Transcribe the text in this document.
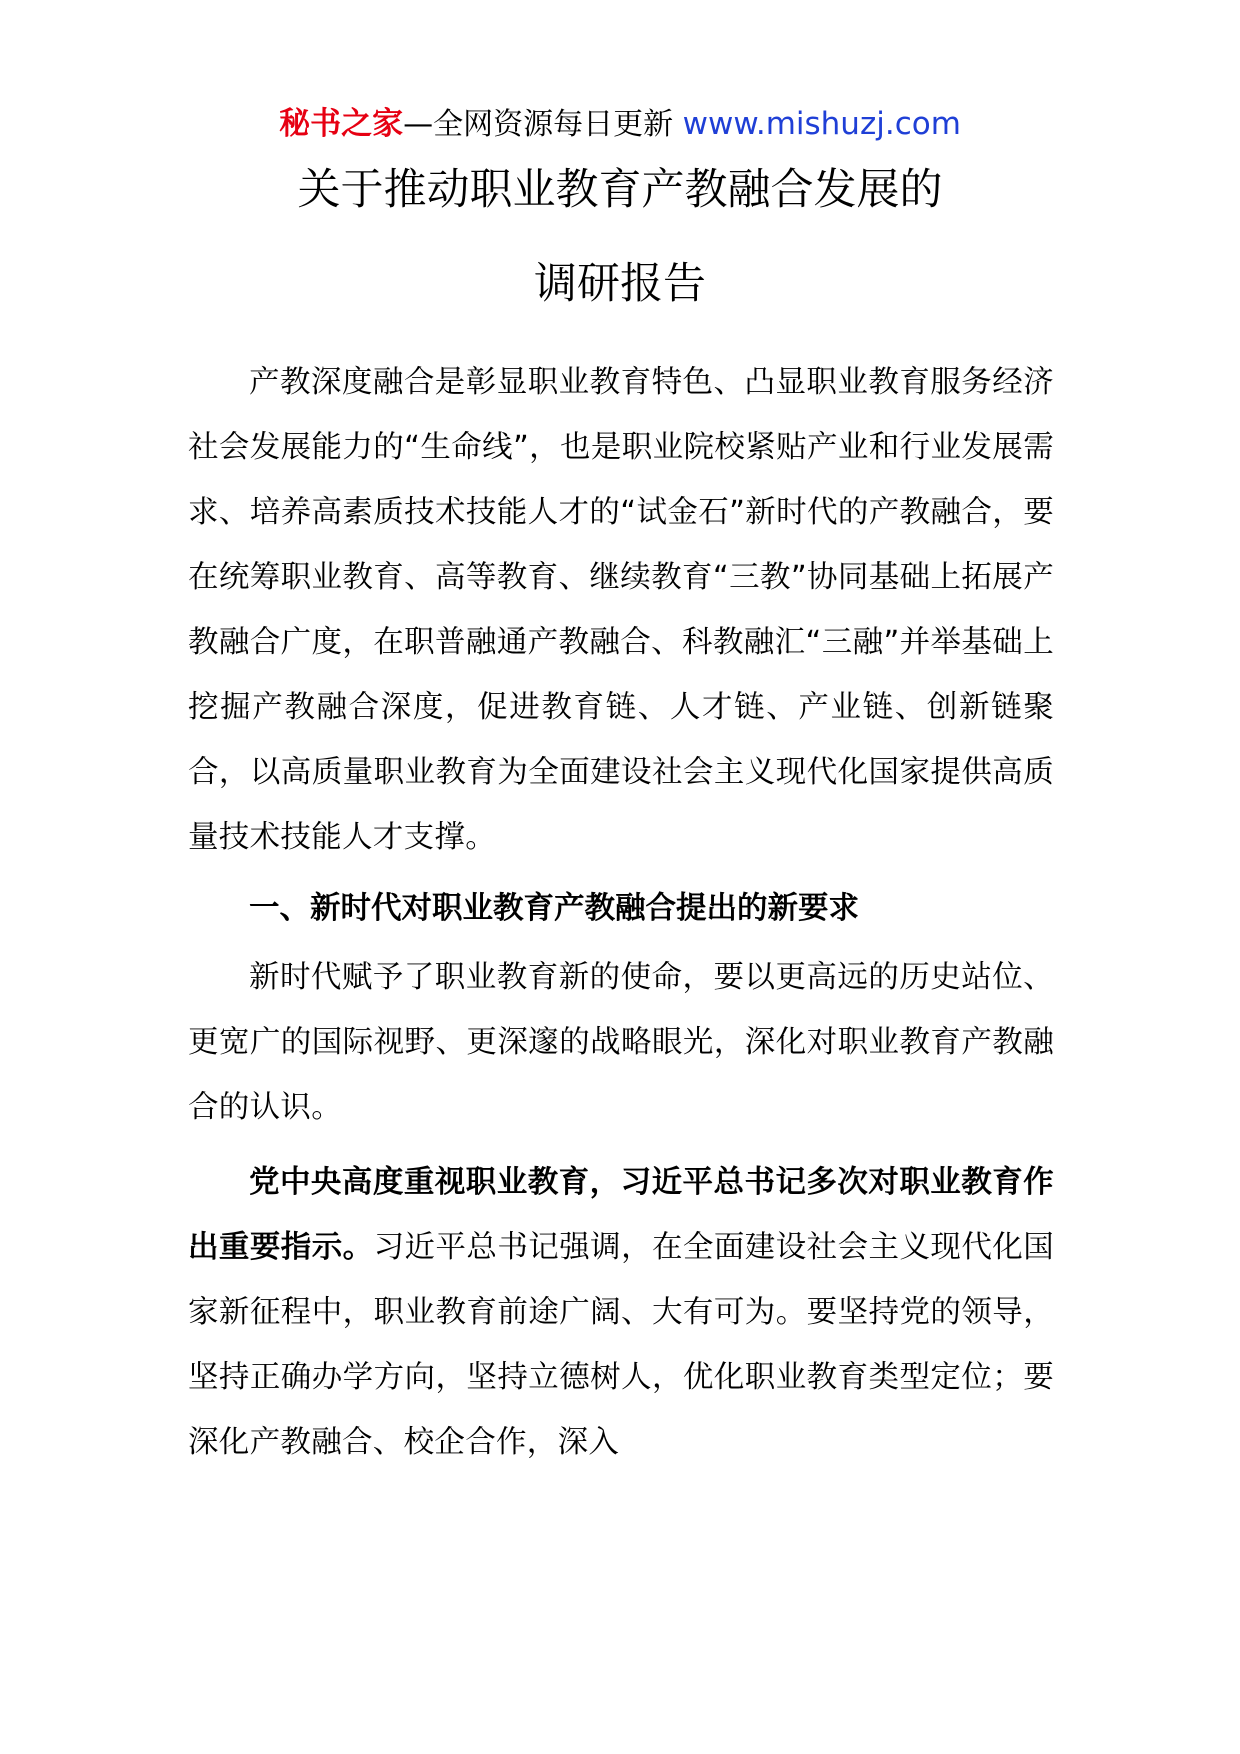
秘书之家—全网资源每日更新 www.mishuzj.com
关于推动职业教育产教融合发展的
调研报告

产教深度融合是彰显职业教育特色、凸显职业教育服务经济社会发展能力的“生命线”，也是职业院校紧贴产业和行业发展需求、培养高素质技术技能人才的“试金石”新时代的产教融合，要在统筹职业教育、高等教育、继续教育“三教”协同基础上拓展产教融合广度，在职普融通产教融合、科教融汇“三融”并举基础上挖掘产教融合深度，促进教育链、人才链、产业链、创新链聚合，以高质量职业教育为全面建设社会主义现代化国家提供高质量技术技能人才支撑。

一、新时代对职业教育产教融合提出的新要求

新时代赋予了职业教育新的使命，要以更高远的历史站位、更宽广的国际视野、更深邃的战略眼光，深化对职业教育产教融合的认识。

党中央高度重视职业教育，习近平总书记多次对职业教育作出重要指示。习近平总书记强调，在全面建设社会主义现代化国家新征程中，职业教育前途广阔、大有可为。要坚持党的领导，坚持正确办学方向，坚持立德树人，优化职业教育类型定位；要深化产教融合、校企合作，深入
